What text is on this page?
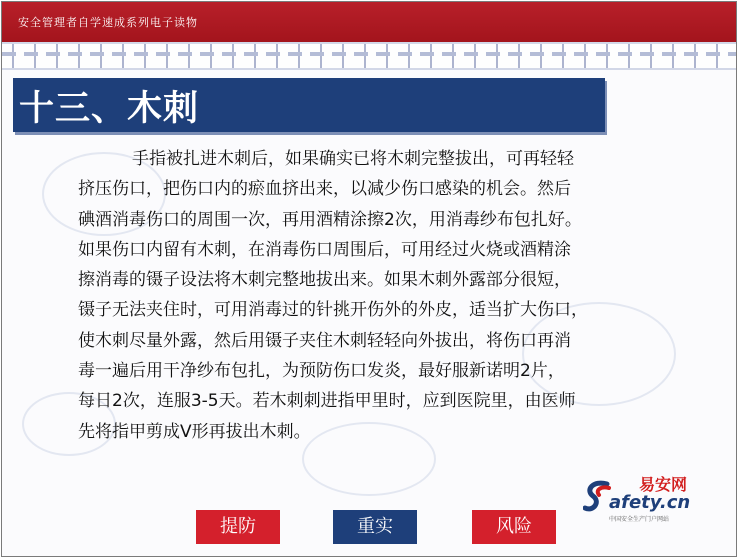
安全管理者自学速成系列电子读物
十三、木刺
手指被扎进木刺后，如果确实已将木刺完整拔出，可再轻轻
挤压伤口，把伤口内的瘀血挤出来，以减少伤口感染的机会。然后
碘酒消毒伤口的周围一次，再用酒精涂擦2次，用消毒纱布包扎好。
如果伤口内留有木刺，在消毒伤口周围后，可用经过火烧或酒精涂
擦消毒的镊子设法将木刺完整地拔出来。如果木刺外露部分很短，
镊子无法夹住时，可用消毒过的针挑开伤外的外皮，适当扩大伤口，
使木刺尽量外露，然后用镊子夹住木刺轻轻向外拔出，将伤口再消
毒一遍后用干净纱布包扎，为预防伤口发炎，最好服新诺明2片，
每日2次，连服3-5天。若木刺刺进指甲里时，应到医院里，由医师
先将指甲剪成V形再拔出木刺。
易安网
afety.cn
中国安全生产门户网站
提防	重实	风险
